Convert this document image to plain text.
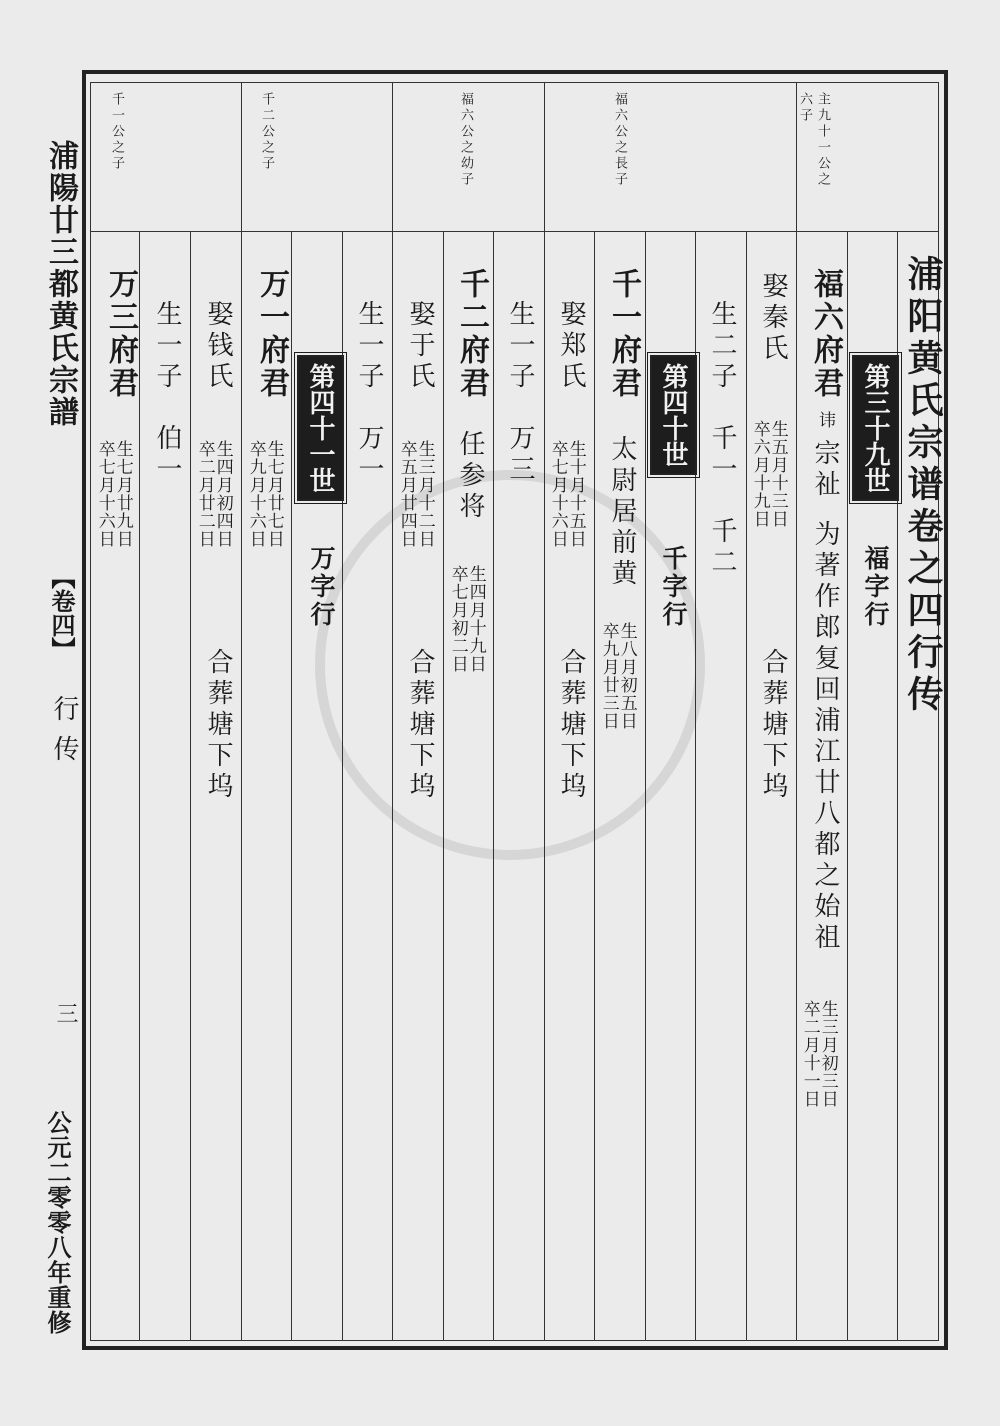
浦陽廿三都黄氏宗譜
【卷四】
行传
三
公元二零零八年重修
主九十一公之
六子
福六公之長子
福六公之幼子
千二公之子
千一公之子
浦阳黄氏宗谱卷之四行传
第三十九世
福字行
福六府君 讳 宗祉 为著作郎复回浦江廿八都之始祖
生三月初三日
卒二月十一日
娶秦氏
生五月十三日
卒六月十九日
合葬塘下坞
生二子　千一　千二
第四十世
千字行
千一府君
太尉居前黄
生八月初五日
卒九月廿三日
娶郑氏
生十月十五日
卒七月十六日
合葬塘下坞
生一子　万三
千二府君
任参将
生四月十九日
卒七月初二日
娶于氏
生三月十二日
卒五月廿四日
合葬塘下坞
生一子　万一
第四十一世
万字行
万一府君
生七月廿七日
卒九月十六日
娶钱氏
生四月初四日
卒二月廿二日
合葬塘下坞
生一子　伯一
万三府君
生七月廿九日
卒七月十六日
